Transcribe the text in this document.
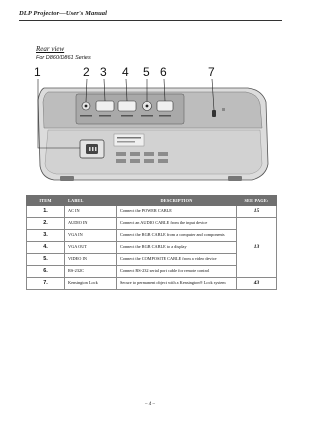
DLP Projector—User's Manual
Rear view
For D860/D861 Series
1	2 3 4 5 6	7
ITEM	LABEL	DESCRIPTION	SEE PAGE:
1.	AC IN	Connect the POWER CABLE	15
2.	AUDIO IN	Connect an AUDIO CABLE from the input device	13
3.	VGA IN	Connect the RGB CABLE from a computer and components	
4.	VGA OUT	Connect the RGB CABLE to a display	
5.	VIDEO IN	Connect the COMPOSITE CABLE from a video device	
6.	RS-232C	Connect RS-232 serial port cable for remote control	
7.	Kensington Lock	Secure to permanent object with a Kensington® Lock system	43
– 4 –
